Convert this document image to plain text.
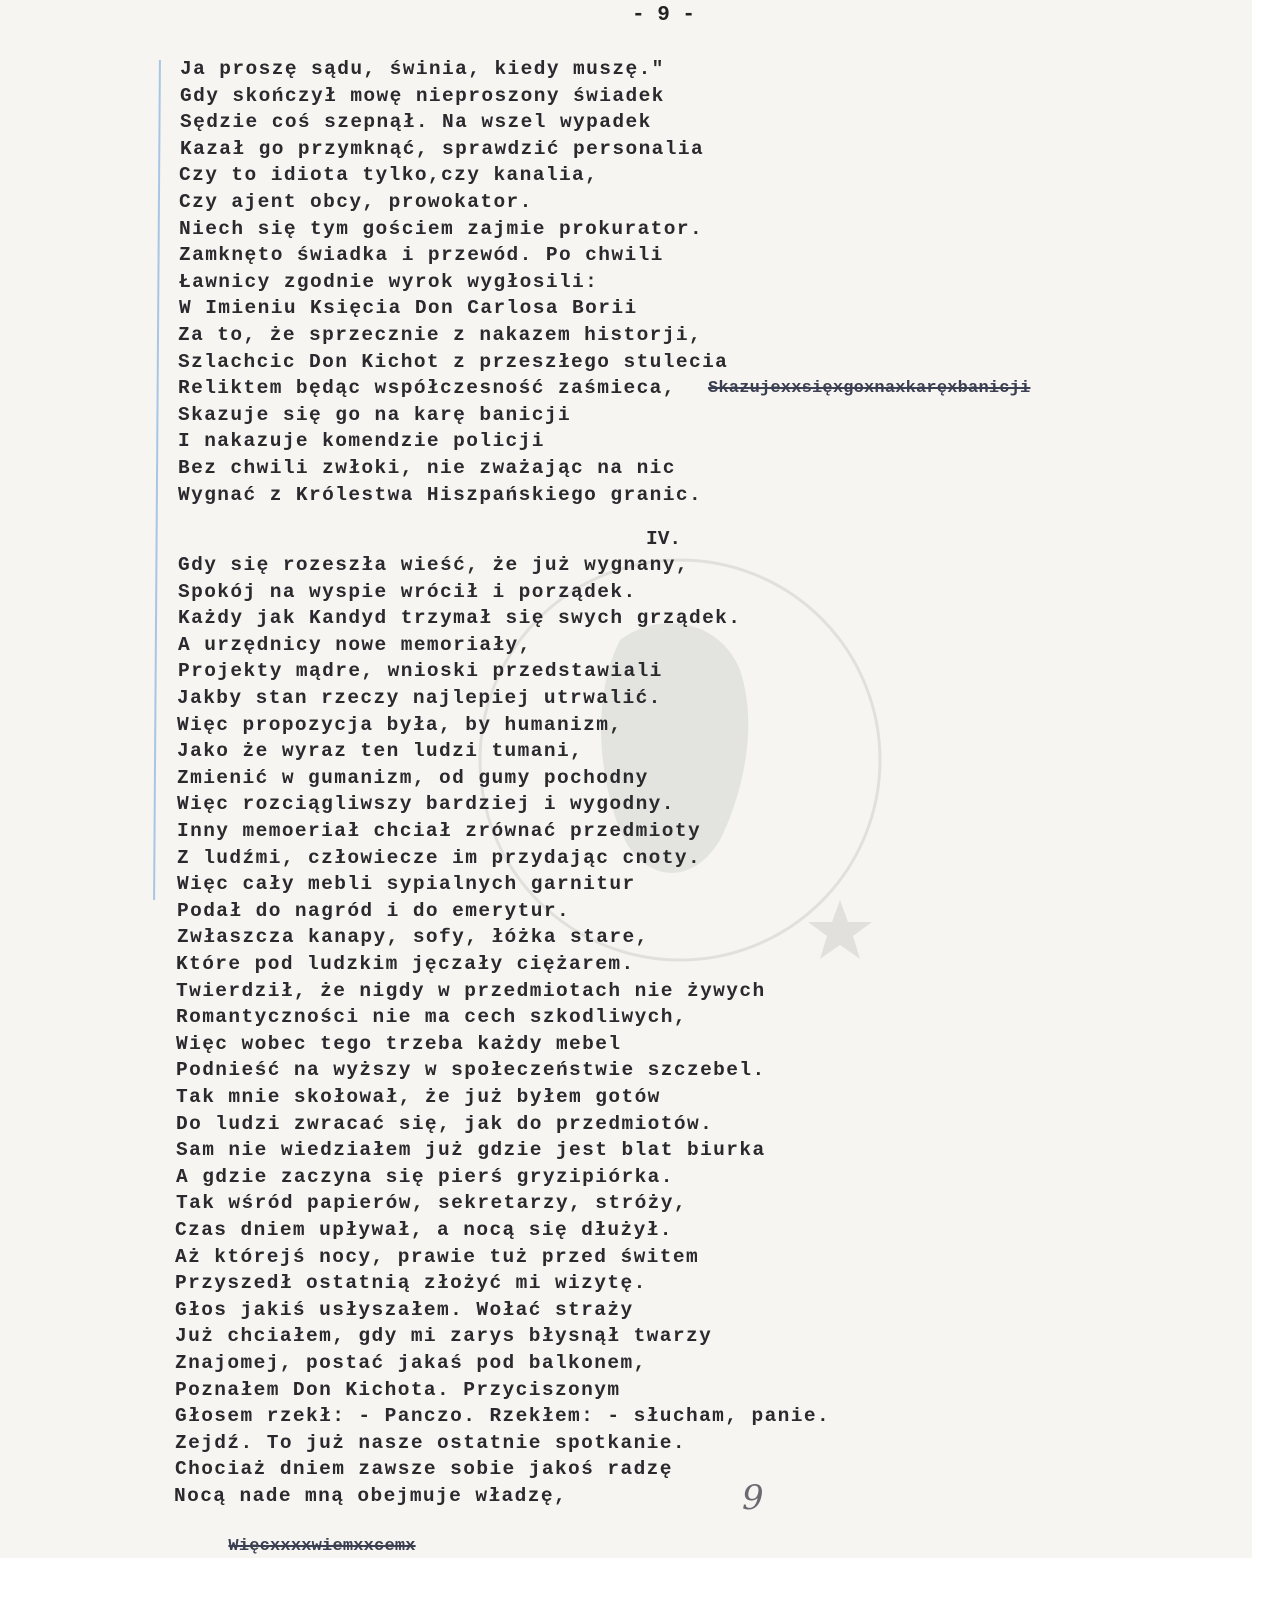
- 9 -
Ja proszę sądu, świnia, kiedy muszę."
Gdy skończył mowę nieproszony świadek
Sędzie coś szepnął. Na wszel wypadek
Kazał go przymknąć, sprawdzić personalia
Czy to idiota tylko,czy kanalia,
Czy ajent obcy, prowokator.
Niech się tym gościem zajmie prokurator.
Zamknęto świadka i przewód. Po chwili
Ławnicy zgodnie wyrok wygłosili:
W Imieniu Księcia Don Carlosa Borii
Za to, że sprzecznie z nakazem historji,
Szlachcic Don Kichot z przeszłego stulecia
Reliktem będąc współczesność zaśmieca, Skazujexxsięxgoxnaxkaręxbanicji
Skazuje się go na karę banicji
I nakazuje komendzie policji
Bez chwili zwłoki, nie zważając na nic
Wygnać z Królestwa Hiszpańskiego granic.
IV.
Gdy się rozeszła wieść, że już wygnany,
Spokój na wyspie wrócił i porządek.
Każdy jak Kandyd trzymał się swych grządek.
A urzędnicy nowe memoriały,
Projekty mądre, wnioski przedstawiali
Jakby stan rzeczy najlepiej utrwalić.
Więc propozycja była, by humanizm,
Jako że wyraz ten ludzi tumani,
Zmienić w gumanizm, od gumy pochodny
Więc rozciągliwszy bardziej i wygodny.
Inny memoeriał chciał zrównać przedmioty
Z ludźmi, człowiecze im przydając cnoty.
Więc cały mebli sypialnych garnitur
Podał do nagród i do emerytur.
Zwłaszcza kanapy, sofy, łóżka stare,
Które pod ludzkim jęczały ciężarem.
Twierdził, że nigdy w przedmiotach nie żywych
Romantyczności nie ma cech szkodliwych,
Więc wobec tego trzeba każdy mebel
Podnieść na wyższy w społeczeństwie szczebel.
Tak mnie skołował, że już byłem gotów
Do ludzi zwracać się, jak do przedmiotów.
Sam nie wiedziałem już gdzie jest blat biurka
A gdzie zaczyna się pierś gryzipiórka.
Tak wśród papierów, sekretarzy, stróży,
Czas dniem upływał, a nocą się dłużył.
Aż którejś nocy, prawie tuż przed świtem
Przyszedł ostatnią złożyć mi wizytę.
Głos jakiś usłyszałem. Wołać straży
Już chciałem, gdy mi zarys błysnął twarzy
Znajomej, postać jakaś pod balkonem,
Poznałem Don Kichota. Przyciszonym
Głosem rzekł: - Panczo. Rzekłem: - słucham, panie.
Zejdź. To już nasze ostatnie spotkanie.
Chociaż dniem zawsze sobie jakoś radzę
Nocą nade mną obejmuje władzę,

Więcxxxxwiemxxcemx

9
